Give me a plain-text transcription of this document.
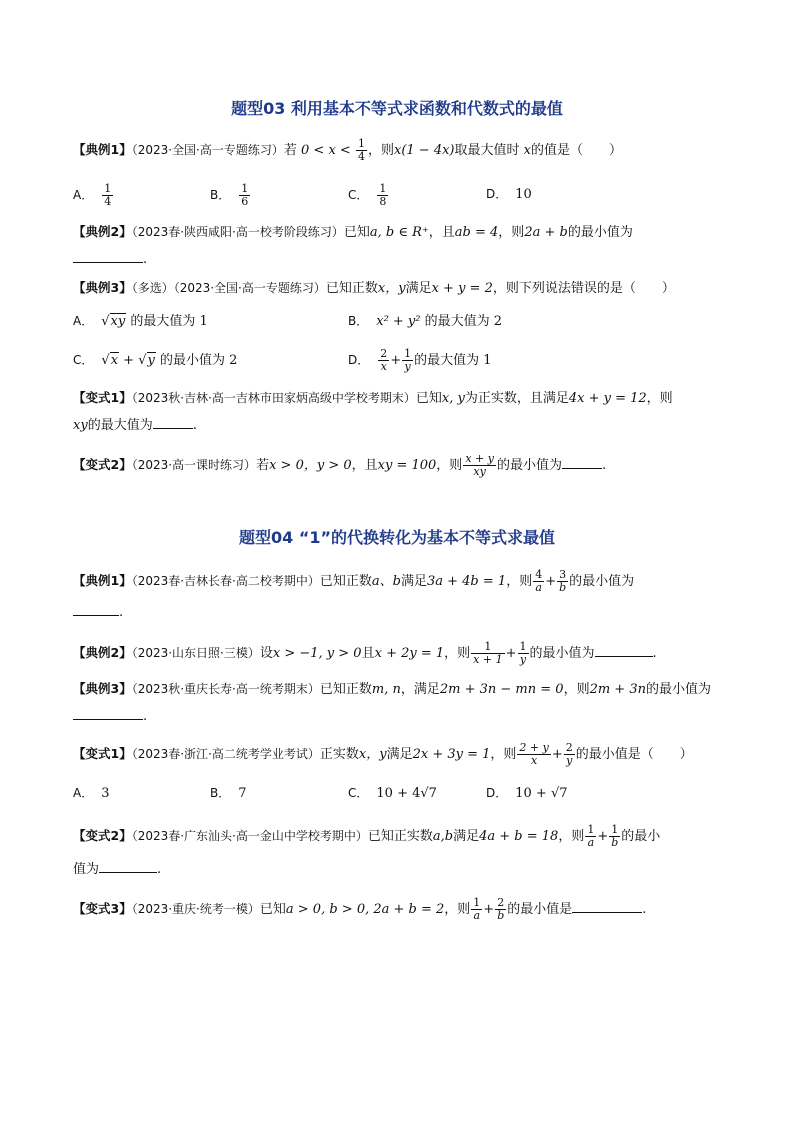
题型03 利用基本不等式求函数和代数式的最值
【典例1】（2023·全国·高一专题练习）若 $0 < x < \frac{1}{4}$ ，则x(1 − 4x)取最大值时 x的值是（　　）
A． $\frac{1}{4}$	B． $\frac{1}{6}$	C． $\frac{1}{8}$	D． 10
【典例2】（2023春·陕西咸阳·高一校考阶段练习）已知a, b ∈ R⁺，且ab = 4，则2a + b的最小值为
.
【典例3】（多选）（2023·全国·高一专题练习）已知正数x，y满足x + y = 2，则下列说法错误的是（　　）
A． √xy 的最大值为 1	B． x² + y² 的最大值为 2
C． √x + √y 的最小值为 2	D． $\frac{2}{x} + \frac{1}{y}$ 的最大值为 1
【变式1】（2023秋·吉林·高一吉林市田家炳高级中学校考期末）已知x, y为正实数，且满足4x + y = 12，则
xy的最大值为	.
【变式2】（2023·高一课时练习）若x > 0，y > 0，且xy = 100，则 $\frac{x + y}{xy}$ 的最小值为	.
题型04 “1”的代换转化为基本不等式求最值
【典例1】（2023春·吉林长春·高二校考期中）已知正数a、b满足3a + 4b = 1，则 $\frac{4}{a} + \frac{3}{b}$ 的最小值为
.
【典例2】（2023·山东日照·三模）设x > −1, y > 0且x + 2y = 1，则 $\frac{1}{x + 1} + \frac{1}{y}$ 的最小值为	.
【典例3】（2023秋·重庆长寿·高一统考期末）已知正数m, n，满足2m + 3n − mn = 0，则2m + 3n的最小值为
.
【变式1】（2023春·浙江·高二统考学业考试）正实数x，y满足2x + 3y = 1，则 $\frac{2 + y}{x} + \frac{2}{y}$ 的最小值是（　　）
A． 3	B． 7	C． 10 + 4√7	D． 10 + √7
【变式2】（2023春·广东汕头·高一金山中学校考期中）已知正实数a,b满足4a + b = 18，则 $\frac{1}{a} + \frac{1}{b}$ 的最小
值为	.
【变式3】（2023·重庆·统考一模）已知a > 0, b > 0, 2a + b = 2，则 $\frac{1}{a} + \frac{2}{b}$ 的最小值是	.
